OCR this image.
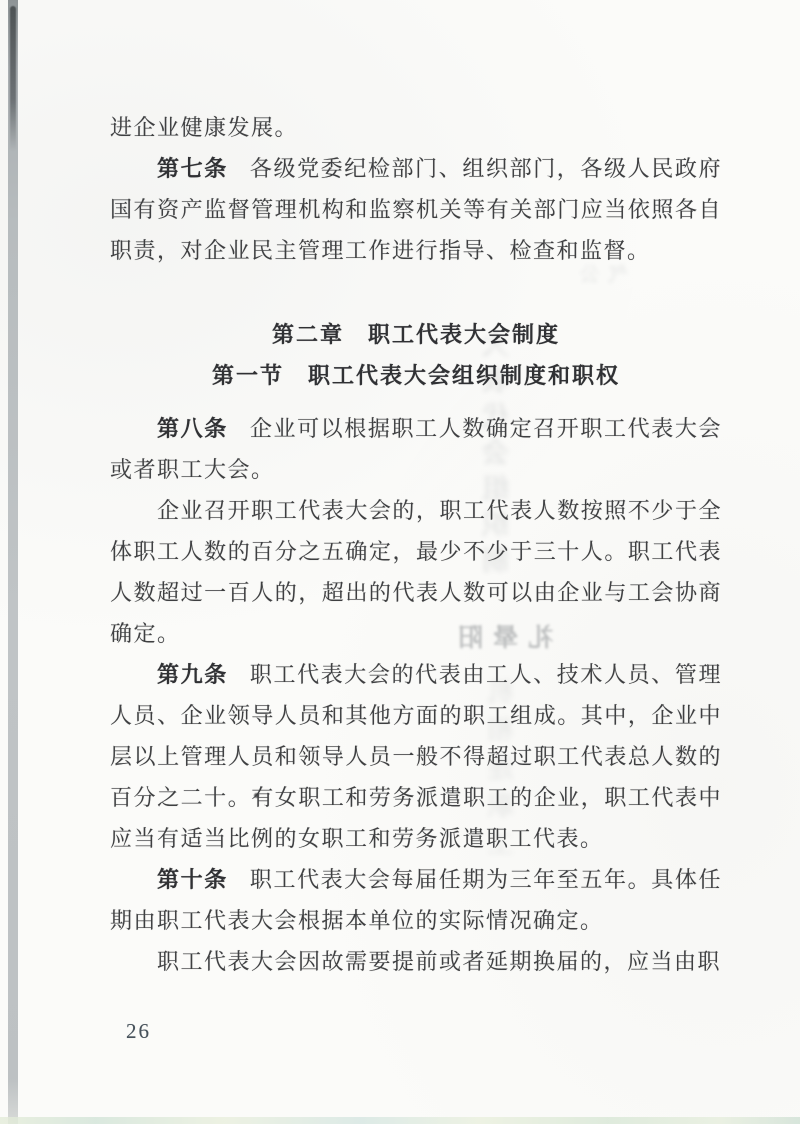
礼晕阳
进企业健康发展。
第七条 各级党委纪检部门、组织部门，各级人民政府国有资产监督管理机构和监察机关等有关部门应当依照各自职责，对企业民主管理工作进行指导、检查和监督。
第二章　职工代表大会制度
第一节　职工代表大会组织制度和职权
第八条 企业可以根据职工人数确定召开职工代表大会或者职工大会。
企业召开职工代表大会的，职工代表人数按照不少于全体职工人数的百分之五确定，最少不少于三十人。职工代表人数超过一百人的，超出的代表人数可以由企业与工会协商确定。
第九条 职工代表大会的代表由工人、技术人员、管理人员、企业领导人员和其他方面的职工组成。其中，企业中层以上管理人员和领导人员一般不得超过职工代表总人数的百分之二十。有女职工和劳务派遣职工的企业，职工代表中应当有适当比例的女职工和劳务派遣职工代表。
第十条 职工代表大会每届任期为三年至五年。具体任期由职工代表大会根据本单位的实际情况确定。
职工代表大会因故需要提前或者延期换届的，应当由职
26
